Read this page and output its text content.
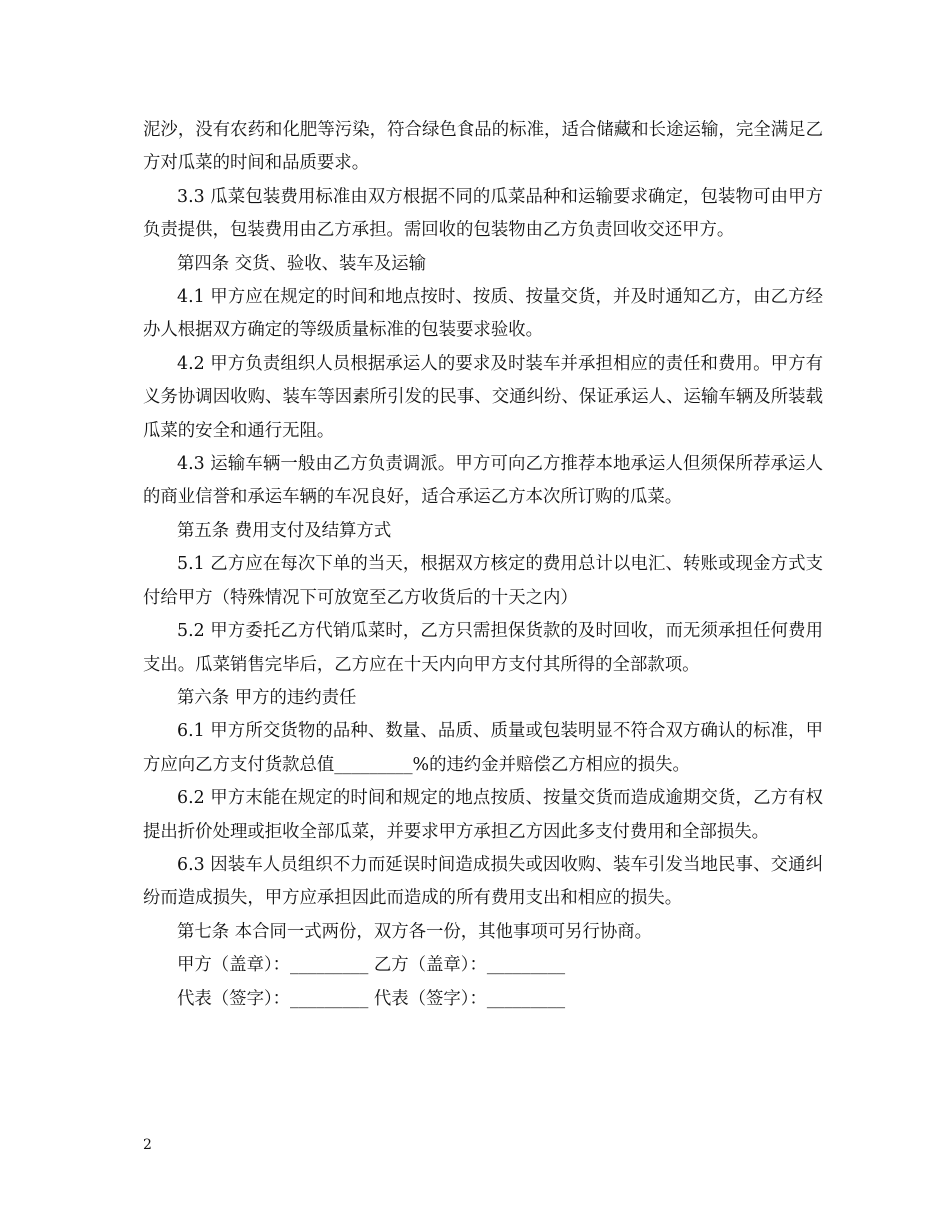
泥沙，没有农药和化肥等污染，符合绿色食品的标准，适合储藏和长途运输，完全满足乙方对瓜菜的时间和品质要求。

3.3 瓜菜包装费用标准由双方根据不同的瓜菜品种和运输要求确定，包装物可由甲方负责提供，包装费用由乙方承担。需回收的包装物由乙方负责回收交还甲方。

第四条 交货、验收、装车及运输

4.1 甲方应在规定的时间和地点按时、按质、按量交货，并及时通知乙方，由乙方经办人根据双方确定的等级质量标准的包装要求验收。

4.2 甲方负责组织人员根据承运人的要求及时装车并承担相应的责任和费用。甲方有义务协调因收购、装车等因素所引发的民事、交通纠纷、保证承运人、运输车辆及所装载瓜菜的安全和通行无阻。

4.3 运输车辆一般由乙方负责调派。甲方可向乙方推荐本地承运人但须保所荐承运人的商业信誉和承运车辆的车况良好，适合承运乙方本次所订购的瓜菜。

第五条 费用支付及结算方式

5.1 乙方应在每次下单的当天，根据双方核定的费用总计以电汇、转账或现金方式支付给甲方（特殊情况下可放宽至乙方收货后的十天之内）

5.2 甲方委托乙方代销瓜菜时，乙方只需担保货款的及时回收，而无须承担任何费用支出。瓜菜销售完毕后，乙方应在十天内向甲方支付其所得的全部款项。

第六条 甲方的违约责任

6.1 甲方所交货物的品种、数量、品质、质量或包装明显不符合双方确认的标准，甲方应向乙方支付货款总值_________%的违约金并赔偿乙方相应的损失。

6.2 甲方末能在规定的时间和规定的地点按质、按量交货而造成逾期交货，乙方有权提出折价处理或拒收全部瓜菜，并要求甲方承担乙方因此多支付费用和全部损失。

6.3 因装车人员组织不力而延误时间造成损失或因收购、装车引发当地民事、交通纠纷而造成损失，甲方应承担因此而造成的所有费用支出和相应的损失。

第七条 本合同一式两份，双方各一份，其他事项可另行协商。

甲方（盖章）：_________ 乙方（盖章）：_________

代表（签字）：_________ 代表（签字）：_________

2
